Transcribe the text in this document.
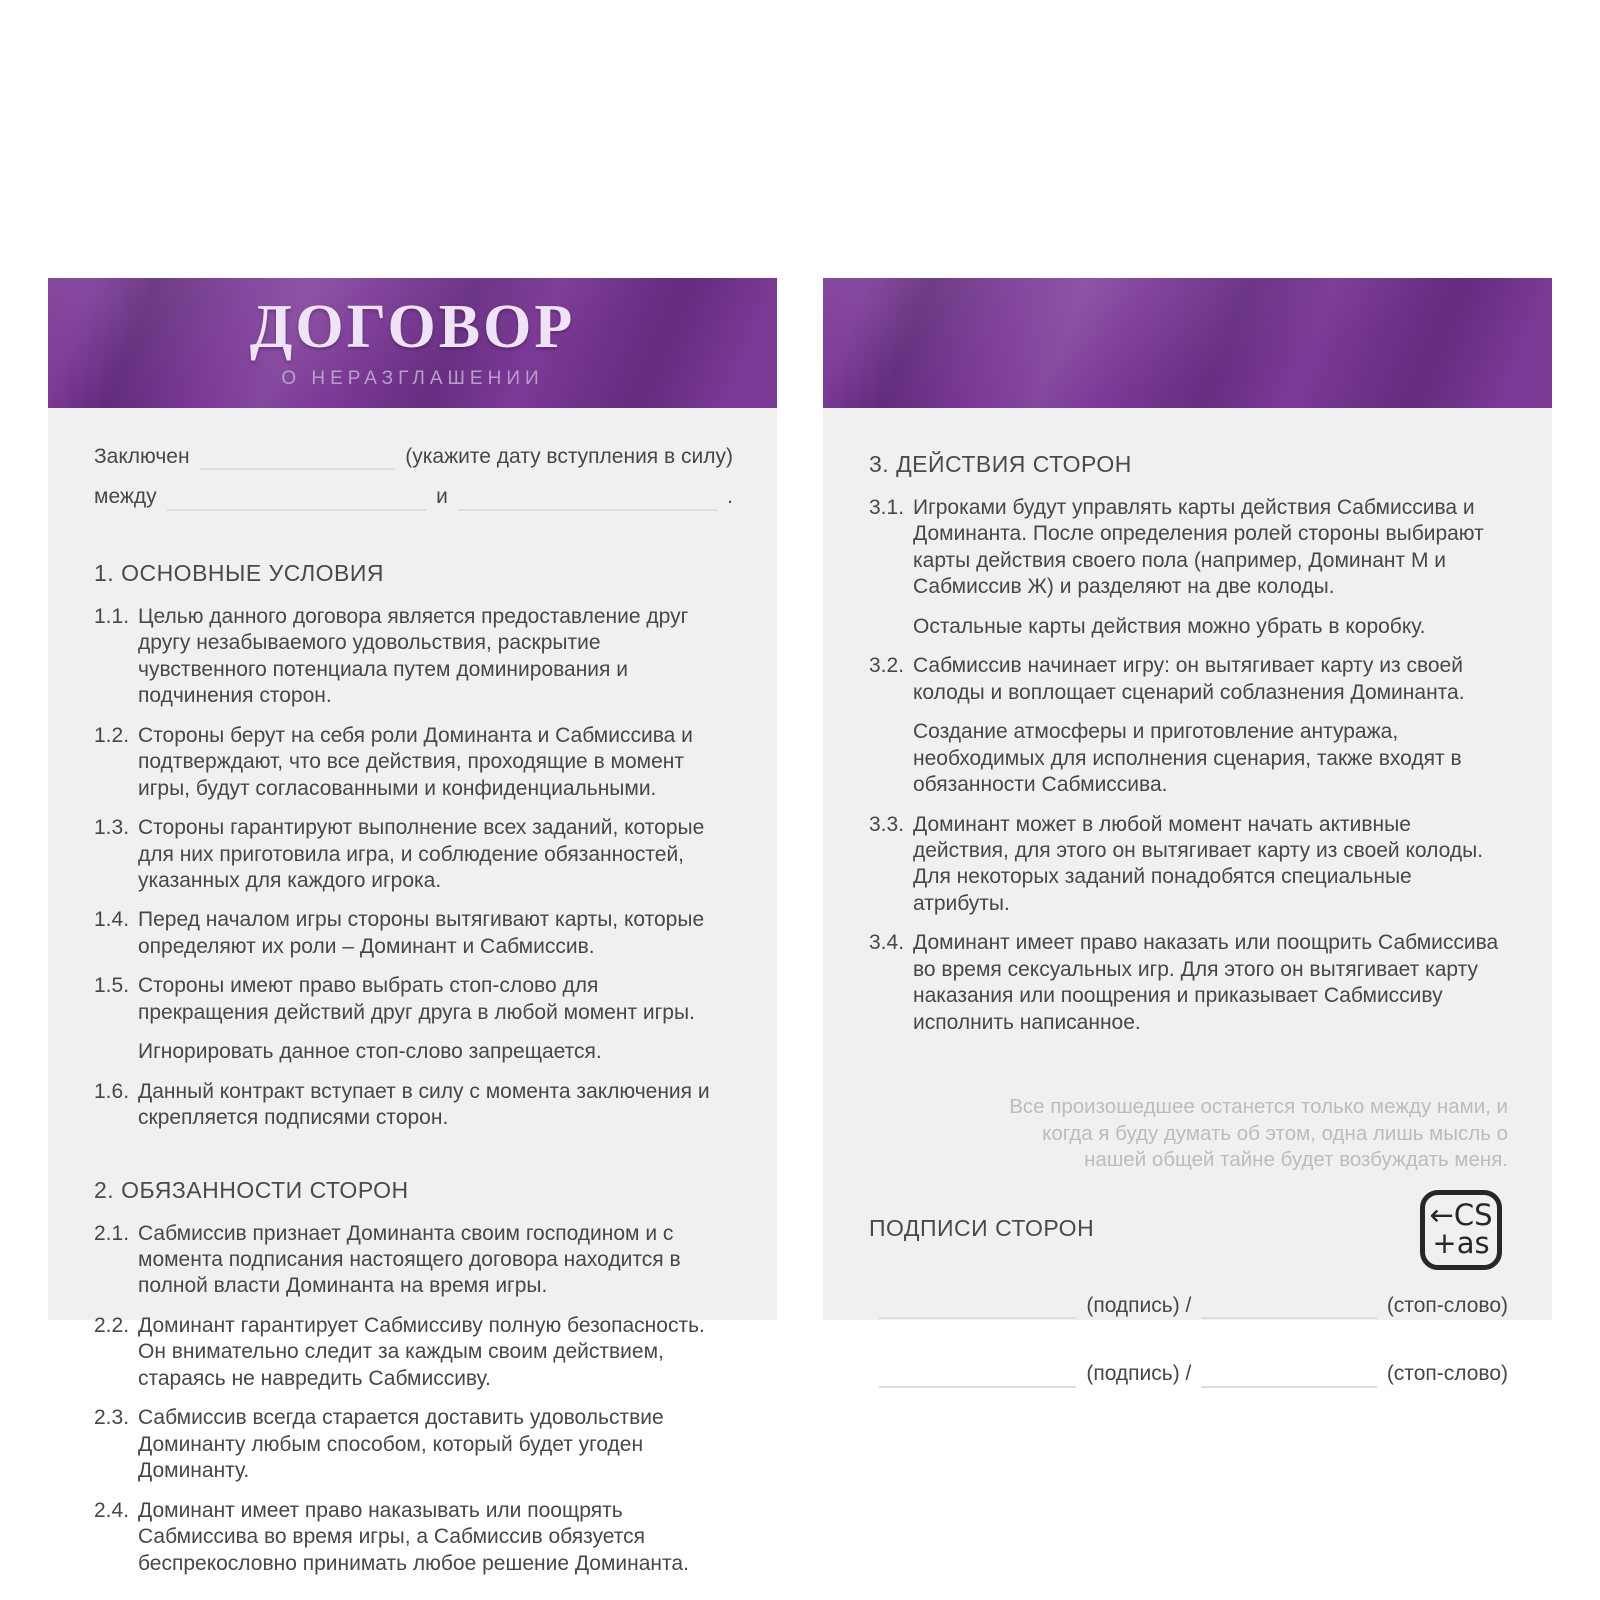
ДОГОВОР
О НЕРАЗГЛАШЕНИИ
Заключен	(укажите дату вступления в силу)
между	и	.
1. ОСНОВНЫЕ УСЛОВИЯ
1.1. Целью данного договора является предоставление друг другу незабываемого удовольствия, раскрытие чувственного потенциала путем доминирования и подчинения сторон.
1.2. Стороны берут на себя роли Доминанта и Сабмиссива и подтверждают, что все действия, проходящие в момент игры, будут согласованными и конфиденциальными.
1.3. Стороны гарантируют выполнение всех заданий, которые для них приготовила игра, и соблюдение обязанностей, указанных для каждого игрока.
1.4. Перед началом игры стороны вытягивают карты, которые определяют их роли – Доминант и Сабмиссив.
1.5. Стороны имеют право выбрать стоп-слово для прекращения действий друг друга в любой момент игры.
Игнорировать данное стоп-слово запрещается.
1.6. Данный контракт вступает в силу с момента заключения и скрепляется подписями сторон.
2. ОБЯЗАННОСТИ СТОРОН
2.1. Сабмиссив признает Доминанта своим господином и с момента подписания настоящего договора находится в полной власти Доминанта на время игры.
2.2. Доминант гарантирует Сабмиссиву полную безопасность. Он внимательно следит за каждым своим действием, стараясь не навредить Сабмиссиву.
2.3. Сабмиссив всегда старается доставить удовольствие Доминанту любым способом, который будет угоден Доминанту.
2.4. Доминант имеет право наказывать или поощрять Сабмиссива во время игры, а Сабмиссив обязуется беспрекословно принимать любое решение Доминанта.
3. ДЕЙСТВИЯ СТОРОН
3.1. Игроками будут управлять карты действия Сабмиссива и Доминанта. После определения ролей стороны выбирают карты действия своего пола (например, Доминант М и Сабмиссив Ж) и разделяют на две колоды.
Остальные карты действия можно убрать в коробку.
3.2. Сабмиссив начинает игру: он вытягивает карту из своей колоды и воплощает сценарий соблазнения Доминанта.
Создание атмосферы и приготовление антуража, необходимых для исполнения сценария, также входят в обязанности Сабмиссива.
3.3. Доминант может в любой момент начать активные действия, для этого он вытягивает карту из своей колоды. Для некоторых заданий понадобятся специальные атрибуты.
3.4. Доминант имеет право наказать или поощрить Сабмиссива во время сексуальных игр. Для этого он вытягивает карту наказания или поощрения и приказывает Сабмиссиву исполнить написанное.
Все произошедшее останется только между нами, и когда я буду думать об этом, одна лишь мысль о нашей общей тайне будет возбуждать меня.
ПОДПИСИ СТОРОН
(подпись) /	(стоп-слово)
(подпись) /	(стоп-слово)
←CS
+as
